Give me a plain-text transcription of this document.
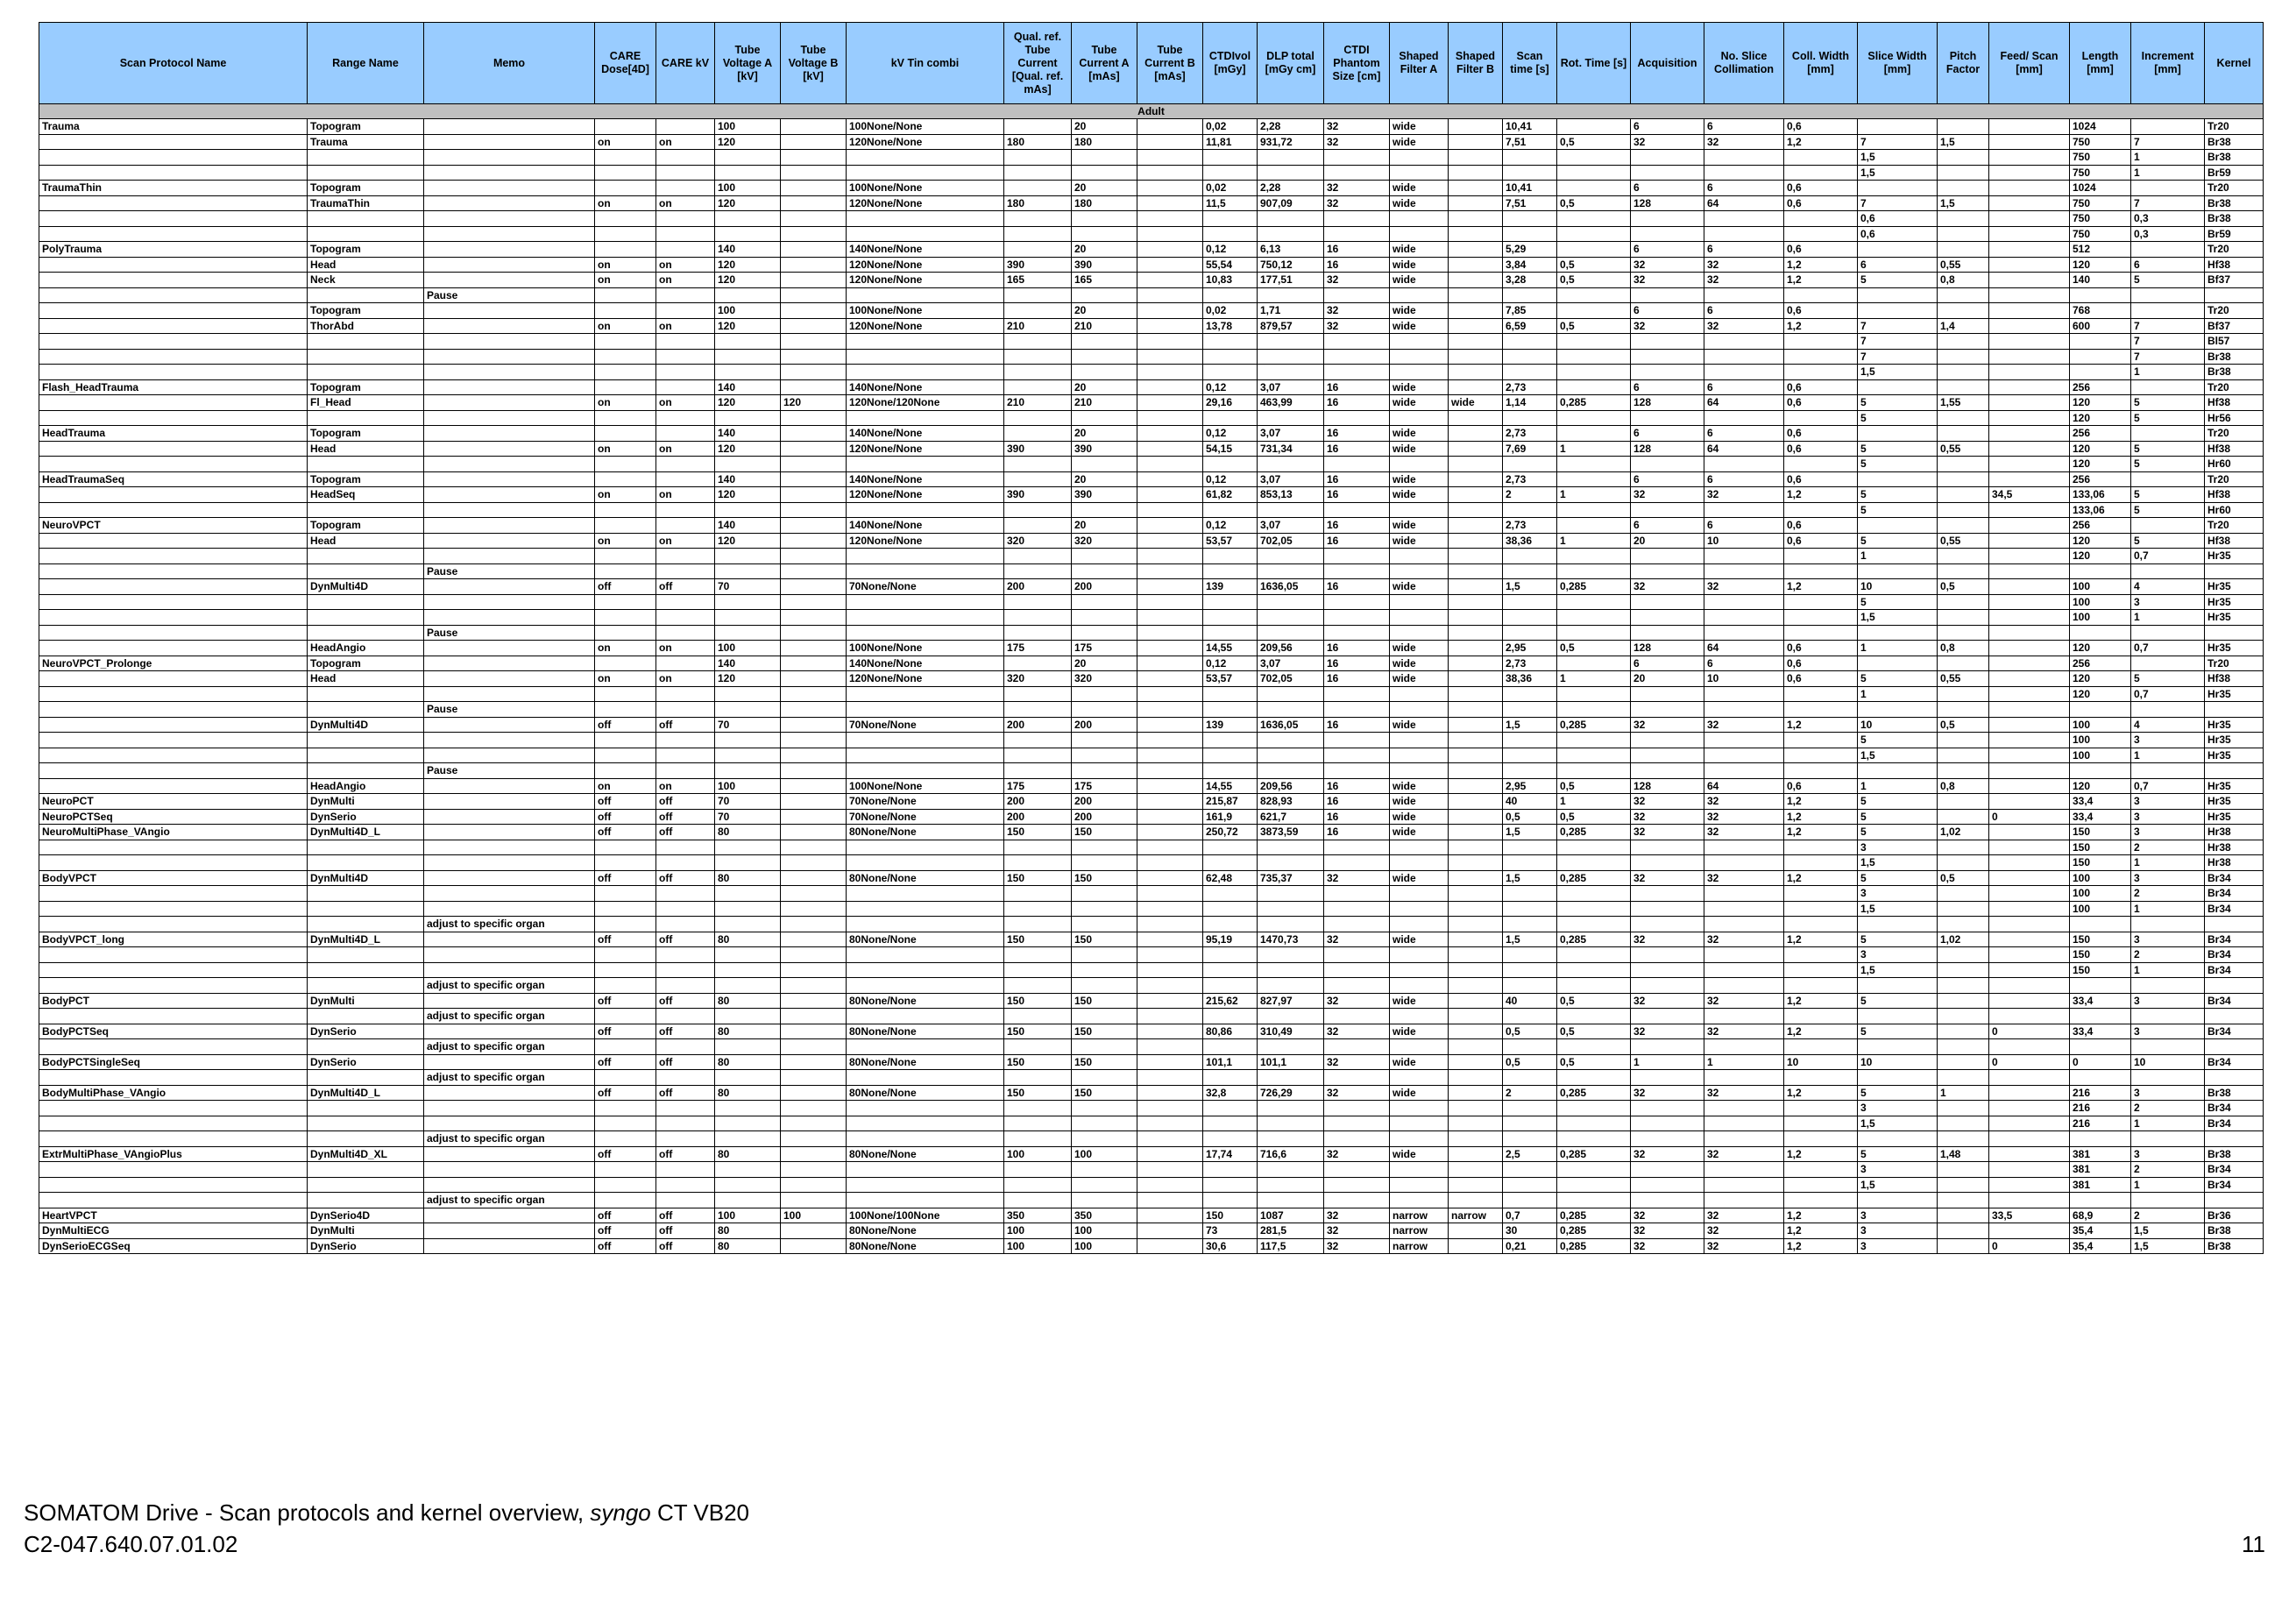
Scan Protocol Name	Range Name	Memo	CARE Dose[4D]	CARE kV	Tube Voltage A [kV]	Tube Voltage B [kV]	kV Tin combi	Qual. ref. Tube Current [Qual. ref. mAs]	Tube Current A [mAs]	Tube Current B [mAs]	CTDIvol [mGy]	DLP total [mGy cm]	CTDI Phantom Size [cm]	Shaped Filter A	Shaped Filter B	Scan time [s]	Rot. Time [s]	Acquisition	No. Slice Collimation	Coll. Width [mm]	Slice Width [mm]	Pitch Factor	Feed/ Scan [mm]	Length [mm]	Increment [mm]	Kernel
Adult																										
Trauma	Topogram				100		100None/None		20		0,02	2,28	32	wide		10,41		6	6	0,6				1024		Tr20
	Trauma		on	on	120		120None/None	180	180		11,81	931,72	32	wide		7,51	0,5	32	32	1,2	7	1,5		750	7	Br38
																					1,5			750	1	Br38
																					1,5			750	1	Br59
TraumaThin	Topogram				100		100None/None		20		0,02	2,28	32	wide		10,41		6	6	0,6				1024		Tr20
	TraumaThin		on	on	120		120None/None	180	180		11,5	907,09	32	wide		7,51	0,5	128	64	0,6	7	1,5		750	7	Br38
																					0,6			750	0,3	Br38
																					0,6			750	0,3	Br59
PolyTrauma	Topogram				140		140None/None		20		0,12	6,13	16	wide		5,29		6	6	0,6				512		Tr20
	Head		on	on	120		120None/None	390	390		55,54	750,12	16	wide		3,84	0,5	32	32	1,2	6	0,55		120	6	Hf38
	Neck		on	on	120		120None/None	165	165		10,83	177,51	32	wide		3,28	0,5	32	32	1,2	5	0,8		140	5	Bf37
		Pause																								
	Topogram				100		100None/None		20		0,02	1,71	32	wide		7,85		6	6	0,6				768		Tr20
	ThorAbd		on	on	120		120None/None	210	210		13,78	879,57	32	wide		6,59	0,5	32	32	1,2	7	1,4		600	7	Bf37
																					7				7	Bl57
																					7				7	Br38
																					1,5				1	Br38
Flash_HeadTrauma	Topogram				140		140None/None		20		0,12	3,07	16	wide		2,73		6	6	0,6				256		Tr20
	Fl_Head		on	on	120	120	120None/120None	210	210		29,16	463,99	16	wide	wide	1,14	0,285	128	64	0,6	5	1,55		120	5	Hf38
																					5			120	5	Hr56
HeadTrauma	Topogram				140		140None/None		20		0,12	3,07	16	wide		2,73		6	6	0,6				256		Tr20
	Head		on	on	120		120None/None	390	390		54,15	731,34	16	wide		7,69	1	128	64	0,6	5	0,55		120	5	Hf38
																					5			120	5	Hr60
HeadTraumaSeq	Topogram				140		140None/None		20		0,12	3,07	16	wide		2,73		6	6	0,6				256		Tr20
	HeadSeq		on	on	120		120None/None	390	390		61,82	853,13	16	wide		2	1	32	32	1,2	5		34,5	133,06	5	Hf38
																					5			133,06	5	Hr60
NeuroVPCT	Topogram				140		140None/None		20		0,12	3,07	16	wide		2,73		6	6	0,6				256		Tr20
	Head		on	on	120		120None/None	320	320		53,57	702,05	16	wide		38,36	1	20	10	0,6	5	0,55		120	5	Hf38
																					1			120	0,7	Hr35
		Pause																								
	DynMulti4D		off	off	70		70None/None	200	200		139	1636,05	16	wide		1,5	0,285	32	32	1,2	10	0,5		100	4	Hr35
																					5			100	3	Hr35
																					1,5			100	1	Hr35
		Pause																								
	HeadAngio		on	on	100		100None/None	175	175		14,55	209,56	16	wide		2,95	0,5	128	64	0,6	1	0,8		120	0,7	Hr35
NeuroVPCT_Prolonge	Topogram				140		140None/None		20		0,12	3,07	16	wide		2,73		6	6	0,6				256		Tr20
	Head		on	on	120		120None/None	320	320		53,57	702,05	16	wide		38,36	1	20	10	0,6	5	0,55		120	5	Hf38
																					1			120	0,7	Hr35
		Pause																								
	DynMulti4D		off	off	70		70None/None	200	200		139	1636,05	16	wide		1,5	0,285	32	32	1,2	10	0,5		100	4	Hr35
																					5			100	3	Hr35
																					1,5			100	1	Hr35
		Pause																								
	HeadAngio		on	on	100		100None/None	175	175		14,55	209,56	16	wide		2,95	0,5	128	64	0,6	1	0,8		120	0,7	Hr35
NeuroPCT	DynMulti		off	off	70		70None/None	200	200		215,87	828,93	16	wide		40	1	32	32	1,2	5			33,4	3	Hr35
NeuroPCTSeq	DynSerio		off	off	70		70None/None	200	200		161,9	621,7	16	wide		0,5	0,5	32	32	1,2	5		0	33,4	3	Hr35
NeuroMultiPhase_VAngio	DynMulti4D_L		off	off	80		80None/None	150	150		250,72	3873,59	16	wide		1,5	0,285	32	32	1,2	5	1,02		150	3	Hr38
																					3			150	2	Hr38
																					1,5			150	1	Hr38
BodyVPCT	DynMulti4D		off	off	80		80None/None	150	150		62,48	735,37	32	wide		1,5	0,285	32	32	1,2	5	0,5		100	3	Br34
																					3			100	2	Br34
																					1,5			100	1	Br34
		adjust to specific organ																								
BodyVPCT_long	DynMulti4D_L		off	off	80		80None/None	150	150		95,19	1470,73	32	wide		1,5	0,285	32	32	1,2	5	1,02		150	3	Br34
																					3			150	2	Br34
																					1,5			150	1	Br34
		adjust to specific organ																								
BodyPCT	DynMulti		off	off	80		80None/None	150	150		215,62	827,97	32	wide		40	0,5	32	32	1,2	5			33,4	3	Br34
		adjust to specific organ																								
BodyPCTSeq	DynSerio		off	off	80		80None/None	150	150		80,86	310,49	32	wide		0,5	0,5	32	32	1,2	5		0	33,4	3	Br34
		adjust to specific organ																								
BodyPCTSingleSeq	DynSerio		off	off	80		80None/None	150	150		101,1	101,1	32	wide		0,5	0,5	1	1	10	10		0	0	10	Br34
		adjust to specific organ																								
BodyMultiPhase_VAngio	DynMulti4D_L		off	off	80		80None/None	150	150		32,8	726,29	32	wide		2	0,285	32	32	1,2	5	1		216	3	Br38
																					3			216	2	Br34
																					1,5			216	1	Br34
		adjust to specific organ																								
ExtrMultiPhase_VAngioPlus	DynMulti4D_XL		off	off	80		80None/None	100	100		17,74	716,6	32	wide		2,5	0,285	32	32	1,2	5	1,48		381	3	Br38
																					3			381	2	Br34
																					1,5			381	1	Br34
		adjust to specific organ																								
HeartVPCT	DynSerio4D		off	off	100	100	100None/100None	350	350		150	1087	32	narrow	narrow	0,7	0,285	32	32	1,2	3		33,5	68,9	2	Br36
DynMultiECG	DynMulti		off	off	80		80None/None	100	100		73	281,5	32	narrow		30	0,285	32	32	1,2	3			35,4	1,5	Br38
DynSerioECGSeq	DynSerio		off	off	80		80None/None	100	100		30,6	117,5	32	narrow		0,21	0,285	32	32	1,2	3		0	35,4	1,5	Br38
SOMATOM Drive - Scan protocols and kernel overview, syngo CT VB20
C2-047.640.07.01.02	11
